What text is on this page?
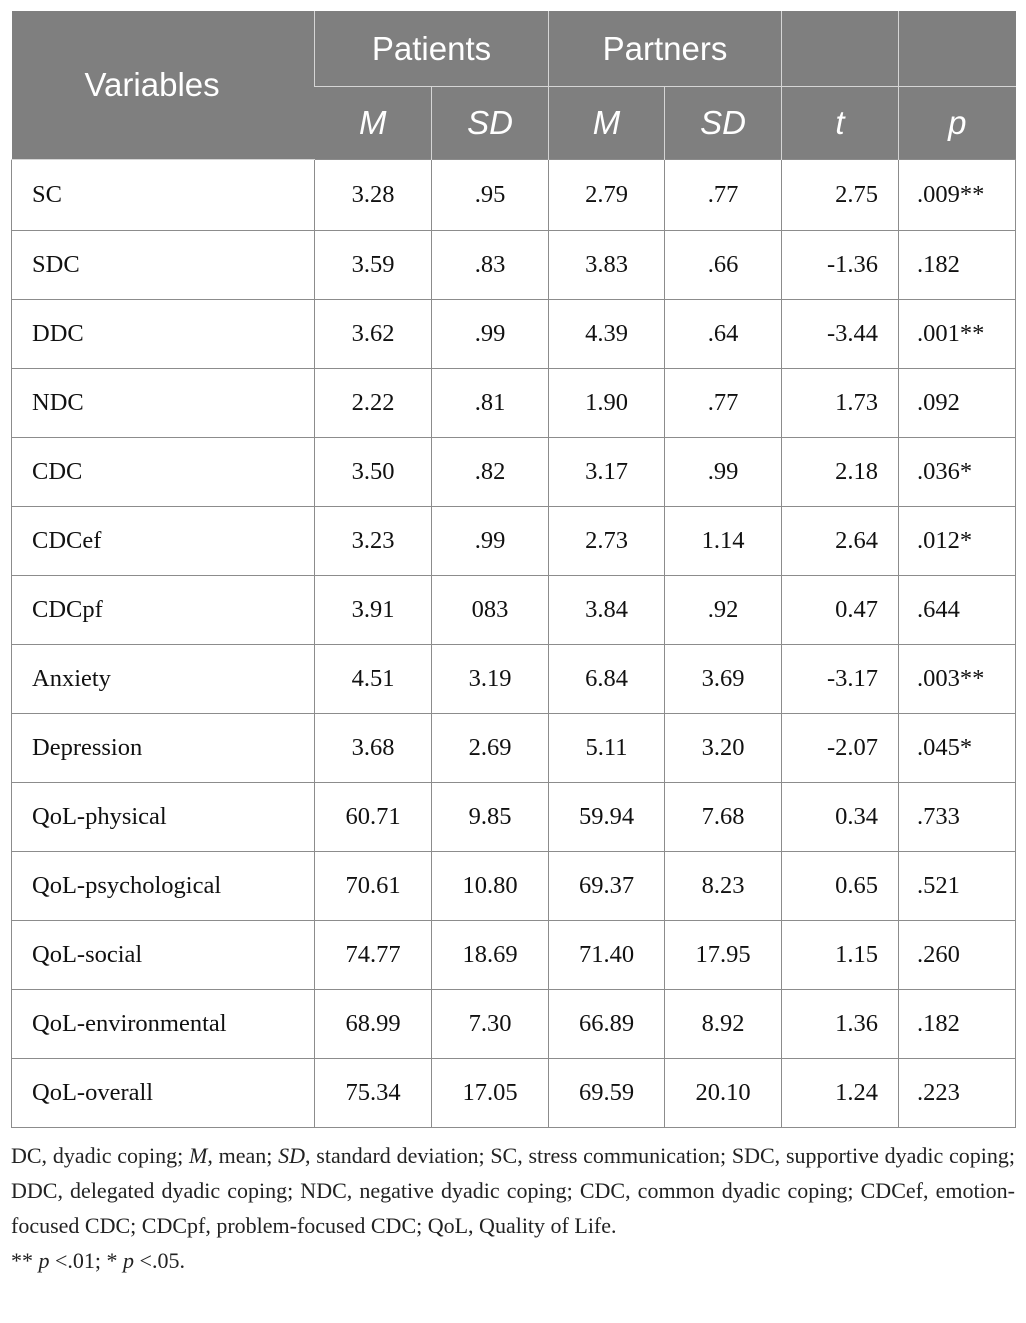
Variables	Patients		Partners			
	M	SD	M	SD	t	p
SC	3.28	.95	2.79	.77	2.75	.009**
SDC	3.59	.83	3.83	.66	-1.36	.182
DDC	3.62	.99	4.39	.64	-3.44	.001**
NDC	2.22	.81	1.90	.77	1.73	.092
CDC	3.50	.82	3.17	.99	2.18	.036*
CDCef	3.23	.99	2.73	1.14	2.64	.012*
CDCpf	3.91	083	3.84	.92	0.47	.644
Anxiety	4.51	3.19	6.84	3.69	-3.17	.003**
Depression	3.68	2.69	5.11	3.20	-2.07	.045*
QoL-physical	60.71	9.85	59.94	7.68	0.34	.733
QoL-psychological	70.61	10.80	69.37	8.23	0.65	.521
QoL-social	74.77	18.69	71.40	17.95	1.15	.260
QoL-environmental	68.99	7.30	66.89	8.92	1.36	.182
QoL-overall	75.34	17.05	69.59	20.10	1.24	.223

DC, dyadic coping; M, mean; SD, standard deviation; SC, stress communication; SDC, supportive dyadic coping; DDC, delegated dyadic coping; NDC, negative dyadic coping; CDC, common dyadic coping; CDCef, emotion-focused CDC; CDCpf, problem-focused CDC; QoL, Quality of Life.

** p <.01; * p <.05.
